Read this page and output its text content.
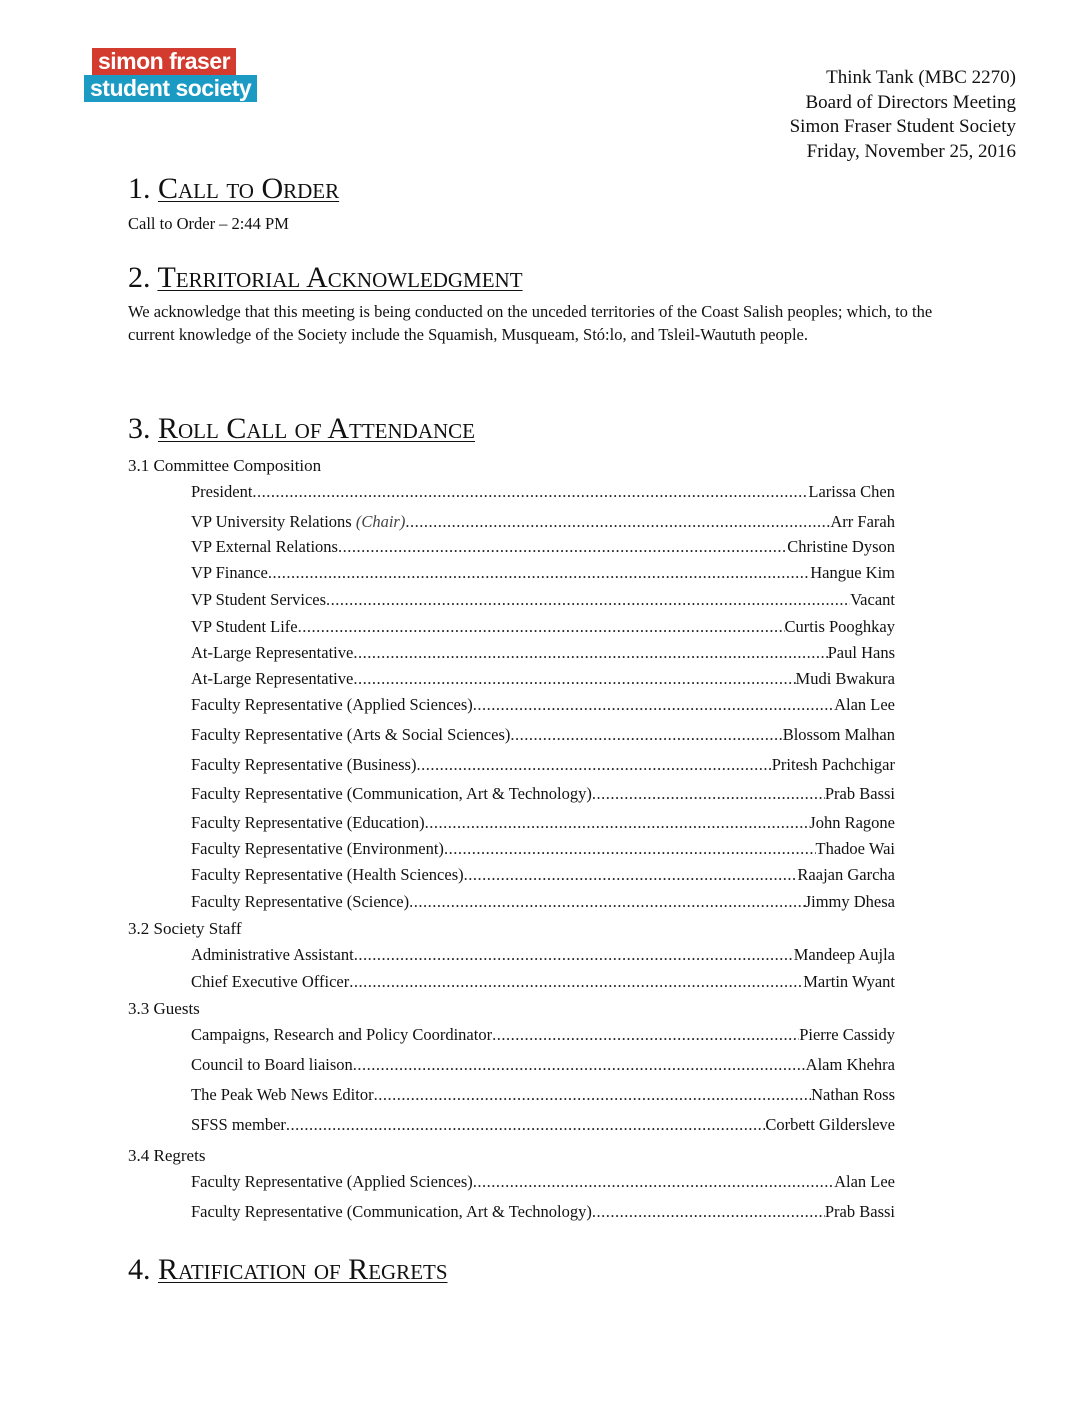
simon fraser
student society	Think Tank (MBC 2270)
Board of Directors Meeting
Simon Fraser Student Society
Friday, November 25, 2016
1. Call to Order
Call to Order – 2:44 PM
2. Territorial Acknowledgment
We acknowledge that this meeting is being conducted on the unceded territories of the Coast Salish peoples; which, to the current knowledge of the Society include the Squamish, Musqueam, Stó:lo, and Tsleil-Waututh people.
3. Roll Call of Attendance
3.1 Committee Composition
President .....	Larissa Chen
VP University Relations (Chair) .....	Arr Farah
VP External Relations .....	Christine Dyson
VP Finance .....	Hangue Kim
VP Student Services .....	Vacant
VP Student Life .....	Curtis Pooghkay
At-Large Representative .....	Paul Hans
At-Large Representative .....	Mudi Bwakura
Faculty Representative (Applied Sciences) .....	Alan Lee
Faculty Representative (Arts & Social Sciences) .....	Blossom Malhan
Faculty Representative (Business) .....	Pritesh Pachchigar
Faculty Representative (Communication, Art & Technology) .....	Prab Bassi
Faculty Representative (Education) .....	John Ragone
Faculty Representative (Environment) .....	Thadoe Wai
Faculty Representative (Health Sciences) .....	Raajan Garcha
Faculty Representative (Science) .....	Jimmy Dhesa
3.2 Society Staff
Administrative Assistant .....	Mandeep Aujla
Chief Executive Officer .....	Martin Wyant
3.3 Guests
Campaigns, Research and Policy Coordinator .....	Pierre Cassidy
Council to Board liaison .....	Alam Khehra
The Peak Web News Editor .....	Nathan Ross
SFSS member .....	Corbett Gildersleve
3.4 Regrets
Faculty Representative (Applied Sciences) .....	Alan Lee
Faculty Representative (Communication, Art & Technology) .....	Prab Bassi
4. Ratification of Regrets
